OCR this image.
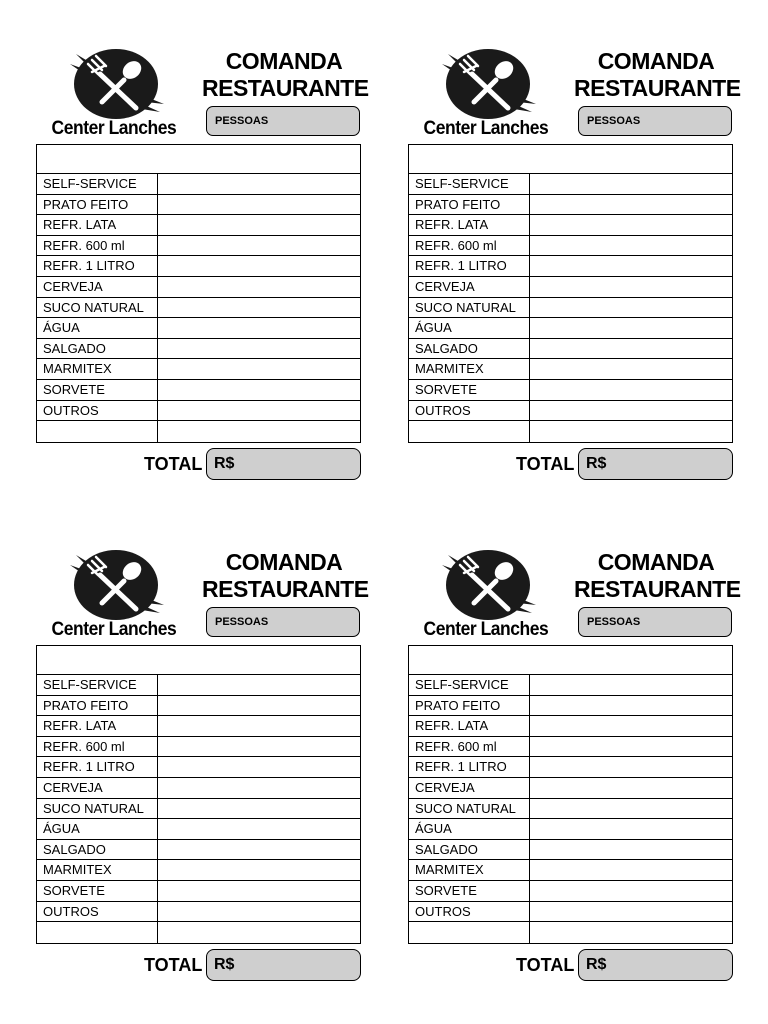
Center Lanches
COMANDA
RESTAURANTE
PESSOAS
SELF-SERVICE
PRATO FEITO
REFR. LATA
REFR. 600 ml
REFR. 1 LITRO
CERVEJA
SUCO NATURAL
ÁGUA
SALGADO
MARMITEX
SORVETE
OUTROS
TOTAL R$
Center Lanches
COMANDA
RESTAURANTE
PESSOAS
SELF-SERVICE
PRATO FEITO
REFR. LATA
REFR. 600 ml
REFR. 1 LITRO
CERVEJA
SUCO NATURAL
ÁGUA
SALGADO
MARMITEX
SORVETE
OUTROS
TOTAL R$
Center Lanches
COMANDA
RESTAURANTE
PESSOAS
SELF-SERVICE
PRATO FEITO
REFR. LATA
REFR. 600 ml
REFR. 1 LITRO
CERVEJA
SUCO NATURAL
ÁGUA
SALGADO
MARMITEX
SORVETE
OUTROS
TOTAL R$
Center Lanches
COMANDA
RESTAURANTE
PESSOAS
SELF-SERVICE
PRATO FEITO
REFR. LATA
REFR. 600 ml
REFR. 1 LITRO
CERVEJA
SUCO NATURAL
ÁGUA
SALGADO
MARMITEX
SORVETE
OUTROS
TOTAL R$
